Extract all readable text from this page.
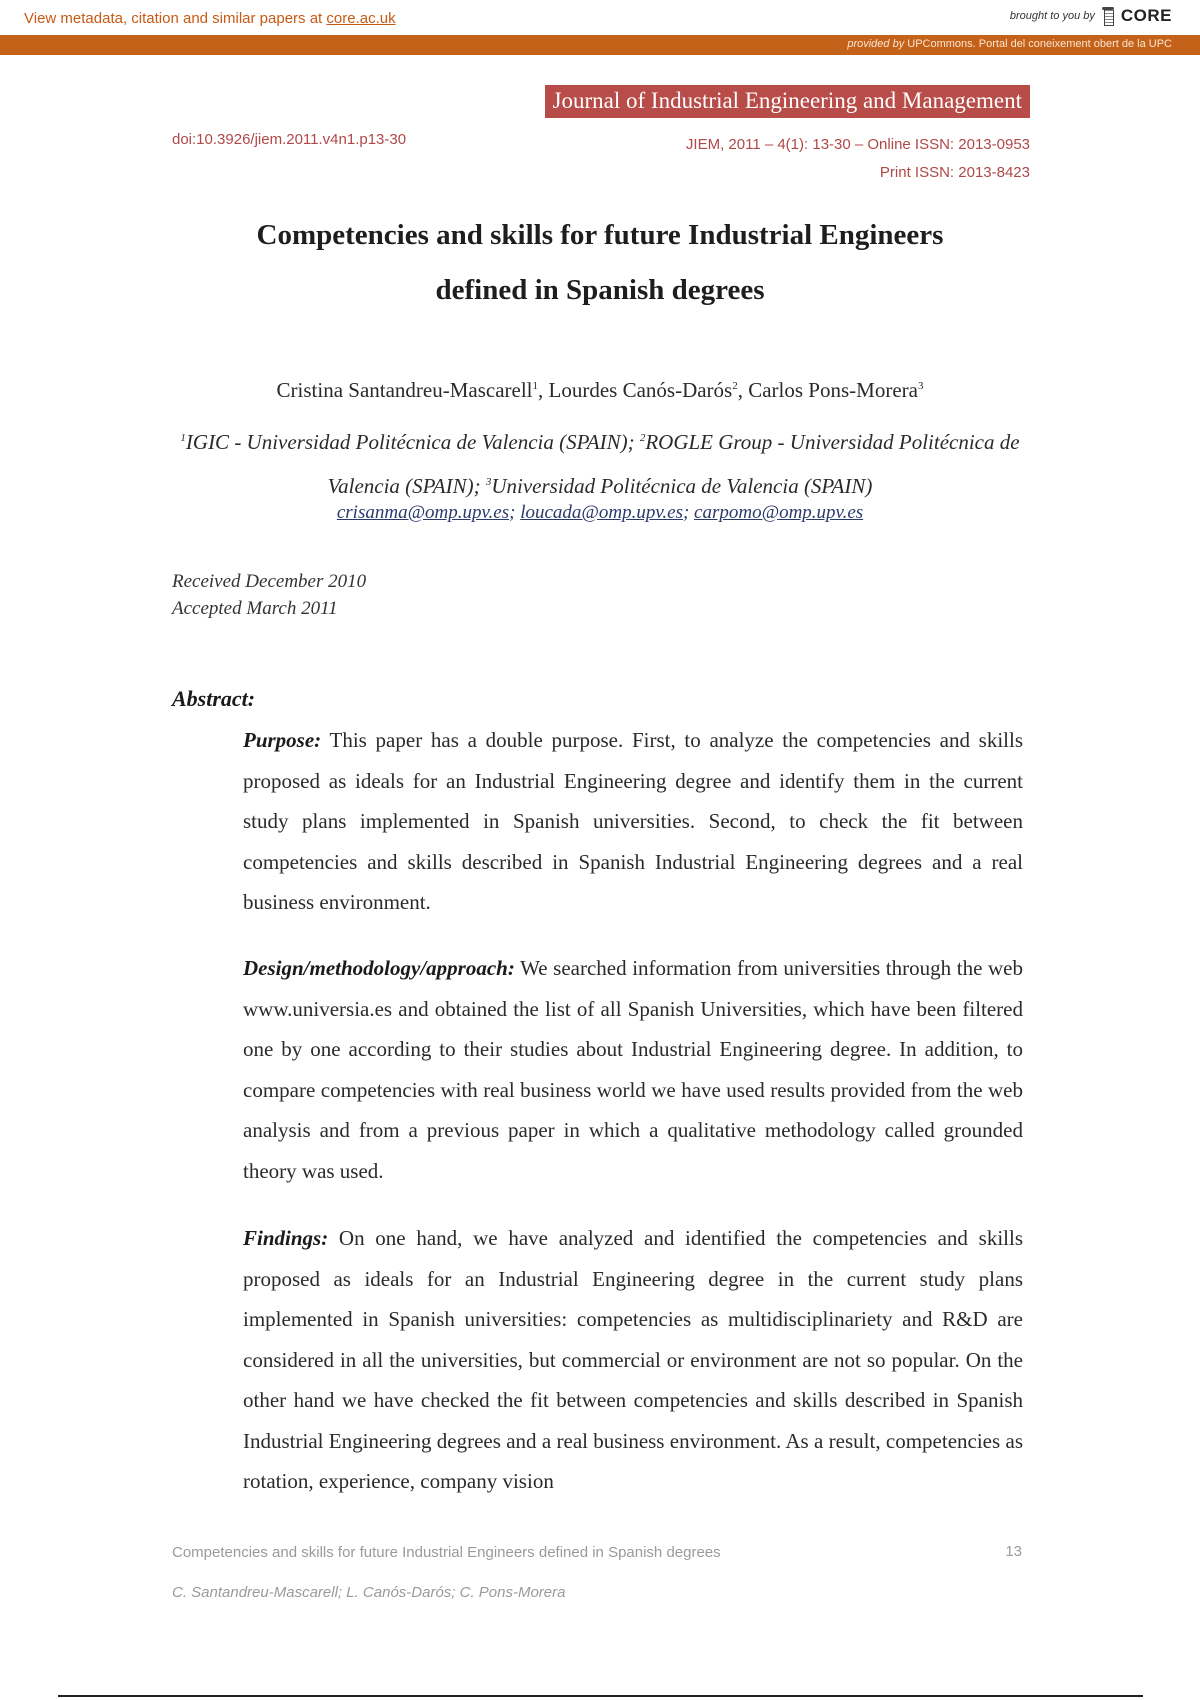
View metadata, citation and similar papers at core.ac.uk	brought to you by CORE
provided by UPCommons. Portal del coneixement obert de la UPC
Journal of Industrial Engineering and Management
doi:10.3926/jiem.2011.v4n1.p13-30	JIEM, 2011 – 4(1): 13-30 – Online ISSN: 2013-0953
Print ISSN: 2013-8423
Competencies and skills for future Industrial Engineers
defined in Spanish degrees
Cristina Santandreu-Mascarell$^1$, Lourdes Canós-Darós$^2$, Carlos Pons-Morera$^3$
$^1$IGIC - Universidad Politécnica de Valencia (SPAIN); $^2$ROGLE Group - Universidad Politécnica de Valencia (SPAIN); $^3$Universidad Politécnica de Valencia (SPAIN)
crisanma@omp.upv.es; loucada@omp.upv.es; carpomo@omp.upv.es
Received December 2010
Accepted March 2011
Abstract:
Purpose: This paper has a double purpose. First, to analyze the competencies and skills proposed as ideals for an Industrial Engineering degree and identify them in the current study plans implemented in Spanish universities. Second, to check the fit between competencies and skills described in Spanish Industrial Engineering degrees and a real business environment.
Design/methodology/approach: We searched information from universities through the web www.universia.es and obtained the list of all Spanish Universities, which have been filtered one by one according to their studies about Industrial Engineering degree. In addition, to compare competencies with real business world we have used results provided from the web analysis and from a previous paper in which a qualitative methodology called grounded theory was used.
Findings: On one hand, we have analyzed and identified the competencies and skills proposed as ideals for an Industrial Engineering degree in the current study plans implemented in Spanish universities: competencies as multidisciplinariety and R&D are considered in all the universities, but commercial or environment are not so popular. On the other hand we have checked the fit between competencies and skills described in Spanish Industrial Engineering degrees and a real business environment. As a result, competencies as rotation, experience, company vision
Competencies and skills for future Industrial Engineers defined in Spanish degrees	13
C. Santandreu-Mascarell; L. Canós-Darós; C. Pons-Morera
